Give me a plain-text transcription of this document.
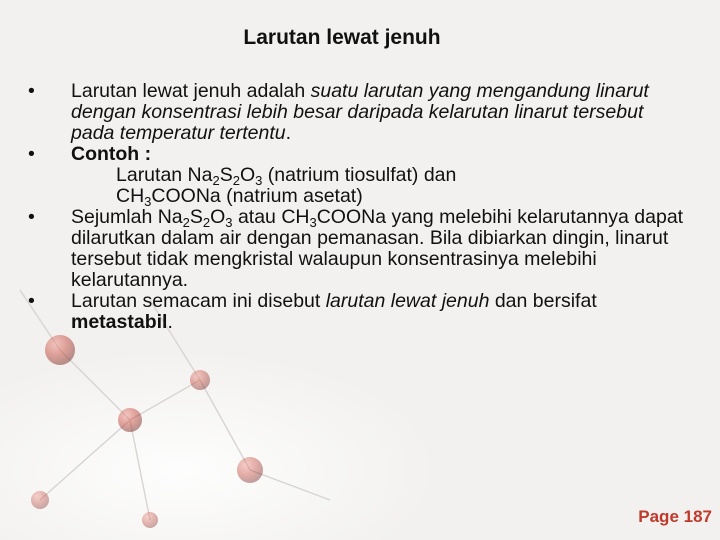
Larutan lewat jenuh

• Larutan lewat jenuh adalah suatu larutan yang mengandung linarut dengan konsentrasi lebih besar daripada kelarutan linarut tersebut pada temperatur tertentu.

• Contoh :
Larutan $Na_2S_2O_3$ (natrium tiosulfat) dan
$CH_3COONa$ (natrium asetat)

• Sejumlah $Na_2S_2O_3$ atau $CH_3COONa$ yang melebihi kelarutannya dapat dilarutkan dalam air dengan pemanasan. Bila dibiarkan dingin, linarut tersebut tidak mengkristal walaupun konsentrasinya melebihi kelarutannya.

• Larutan semacam ini disebut larutan lewat jenuh dan bersifat metastabil.

Page 187
